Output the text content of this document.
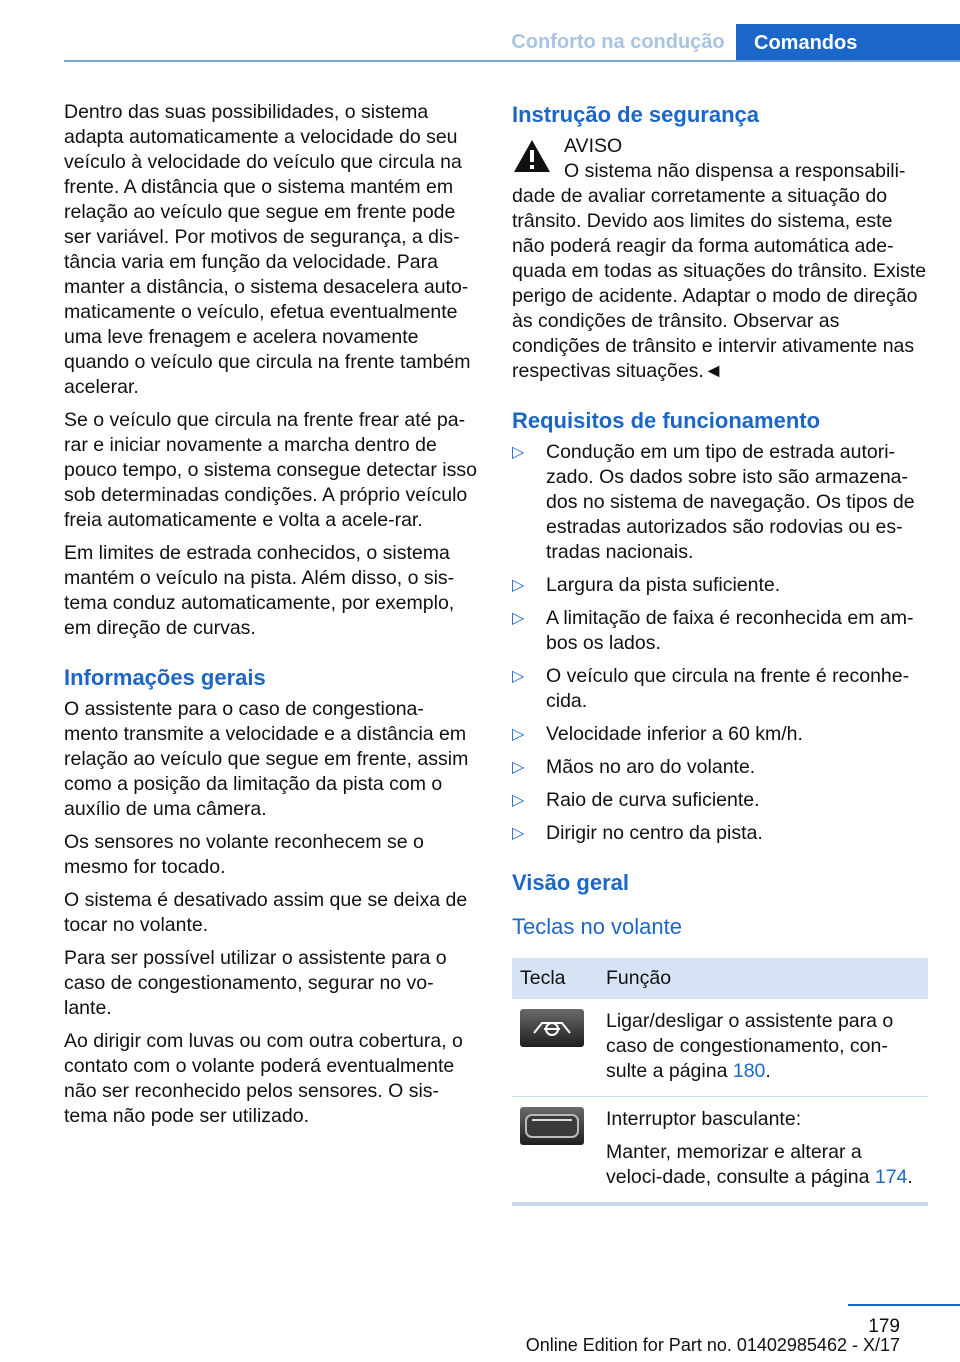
Conforto na condução	Comandos

Dentro das suas possibilidades, o sistema adapta automaticamente a velocidade do seu veículo à velocidade do veículo que circula na frente. A distância que o sistema mantém em relação ao veículo que segue em frente pode ser variável. Por motivos de segurança, a dis‐tância varia em função da velocidade. Para manter a distância, o sistema desacelera auto‐maticamente o veículo, efetua eventualmente uma leve frenagem e acelera novamente quando o veículo que circula na frente também acelerar.

Se o veículo que circula na frente frear até pa‐rar e iniciar novamente a marcha dentro de pouco tempo, o sistema consegue detectar isso sob determinadas condições. A próprio veículo freia automaticamente e volta a acele‐rar.

Em limites de estrada conhecidos, o sistema mantém o veículo na pista. Além disso, o sis‐tema conduz automaticamente, por exemplo, em direção de curvas.

Informações gerais

O assistente para o caso de congestiona‐mento transmite a velocidade e a distância em relação ao veículo que segue em frente, assim como a posição da limitação da pista com o auxílio de uma câmera.

Os sensores no volante reconhecem se o mesmo for tocado.

O sistema é desativado assim que se deixa de tocar no volante.

Para ser possível utilizar o assistente para o caso de congestionamento, segurar no vo‐lante.

Ao dirigir com luvas ou com outra cobertura, o contato com o volante poderá eventualmente não ser reconhecido pelos sensores. O sis‐tema não pode ser utilizado.

Instrução de segurança
AVISO
O sistema não dispensa a responsabili‐dade de avaliar corretamente a situação do trânsito. Devido aos limites do sistema, este não poderá reagir da forma automática ade‐quada em todas as situações do trânsito. Existe perigo de acidente. Adaptar o modo de direção às condições de trânsito. Observar as condições de trânsito e intervir ativamente nas respectivas situações.◄
Requisitos de funcionamento
▷ Condução em um tipo de estrada autori‐zado. Os dados sobre isto são armazena‐dos no sistema de navegação. Os tipos de estradas autorizados são rodovias ou es‐tradas nacionais.
▷ Largura da pista suficiente.
▷ A limitação de faixa é reconhecida em am‐bos os lados.
▷ O veículo que circula na frente é reconhe‐cida.
▷ Velocidade inferior a 60 km/h.
▷ Mãos no aro do volante.
▷ Raio de curva suficiente.
▷ Dirigir no centro da pista.
Visão geral
Teclas no volante
Tecla	Função

	Ligar/desligar o assistente para o caso de congestionamento, con‐sulte a página 180.

Interruptor basculante:

Manter, memorizar e alterar a veloci‐dade, consulte a página 174.
179
Online Edition for Part no. 01402985462 - X/17
